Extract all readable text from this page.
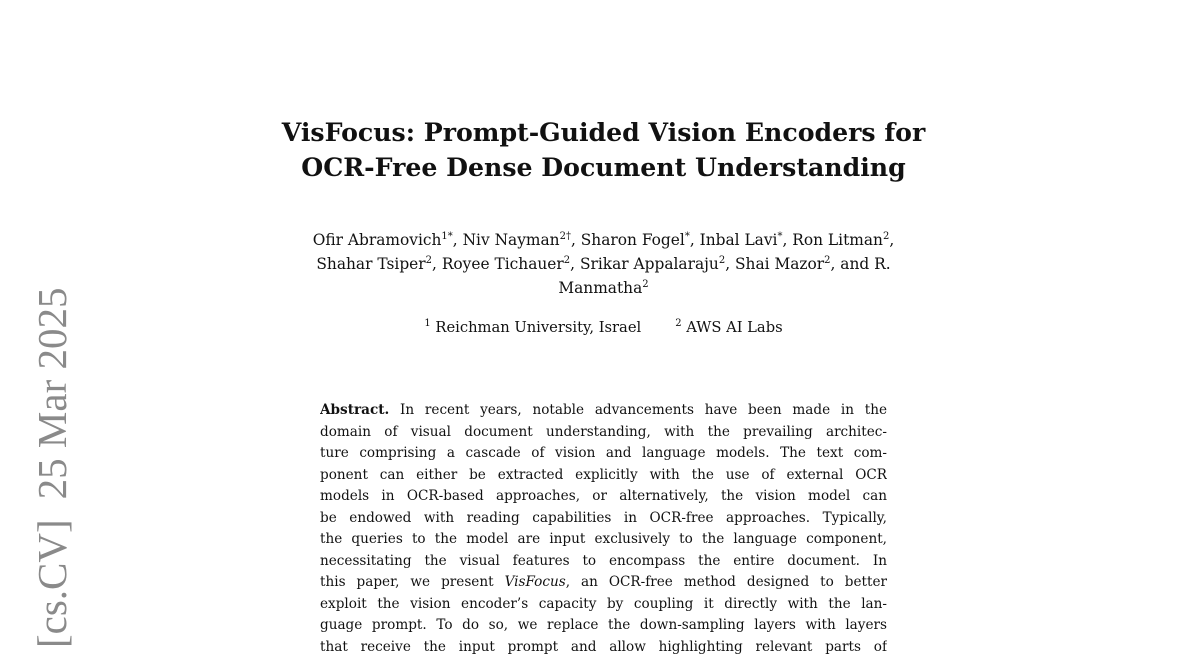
[cs.CV]25 Mar 2025
VisFocus: Prompt-Guided Vision Encoders for
OCR-Free Dense Document Understanding
Ofir Abramovich$^{1*}$, Niv Nayman$^{2\dagger}$, Sharon Fogel*, Inbal Lavi*, Ron Litman$^2$,
Shahar Tsiper$^2$, Royee Tichauer$^2$, Srikar Appalaraju$^2$, Shai Mazor$^2$, and R.
Manmatha$^2$
$^1$ Reichman University, Israel	$^2$ AWS AI Labs
Abstract. In recent years, notable advancements have been made in the
domain of visual document understanding, with the prevailing architec-
ture comprising a cascade of vision and language models. The text com-
ponent can either be extracted explicitly with the use of external OCR
models in OCR-based approaches, or alternatively, the vision model can
be endowed with reading capabilities in OCR-free approaches. Typically,
the queries to the model are input exclusively to the language component,
necessitating the visual features to encompass the entire document. In
this paper, we present VisFocus, an OCR-free method designed to better
exploit the vision encoder’s capacity by coupling it directly with the lan-
guage prompt. To do so, we replace the down-sampling layers with layers
that receive the input prompt and allow highlighting relevant parts of
